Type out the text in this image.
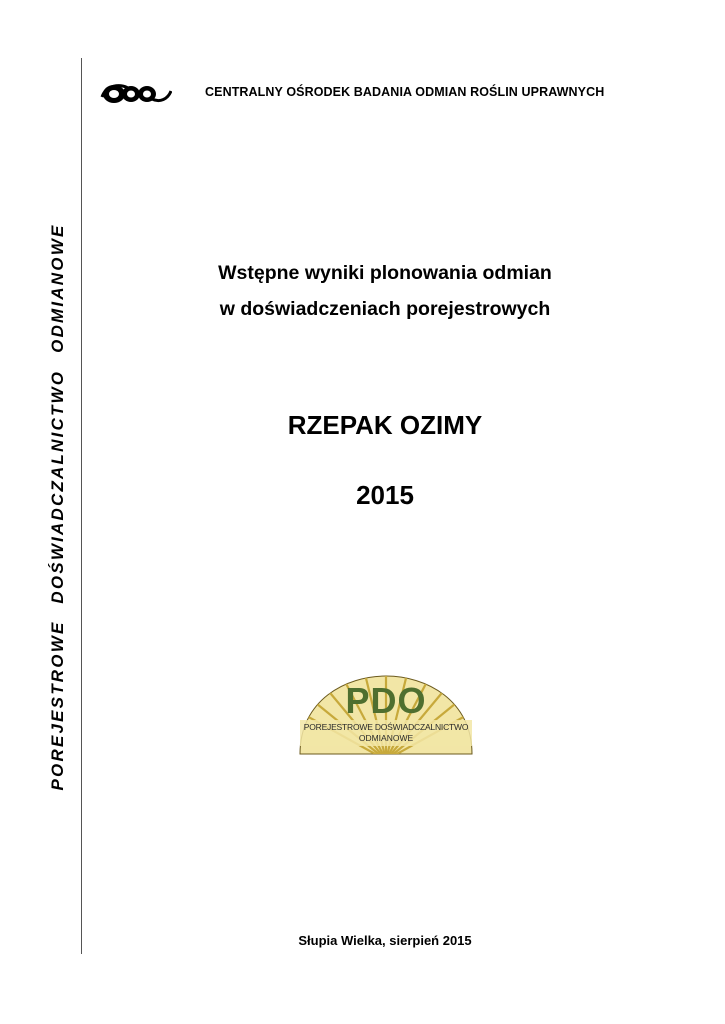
POREJESTROWE DOŚWIADCZALNICTWO ODMIANOWE
CENTRALNY OŚRODEK BADANIA ODMIAN ROŚLIN UPRAWNYCH
Wstępne wyniki plonowania odmian
w doświadczeniach porejestrowych
RZEPAK OZIMY
2015
PDO
POREJESTROWE DOŚWIADCZALNICTWO
ODMIANOWE
Słupia Wielka, sierpień 2015
